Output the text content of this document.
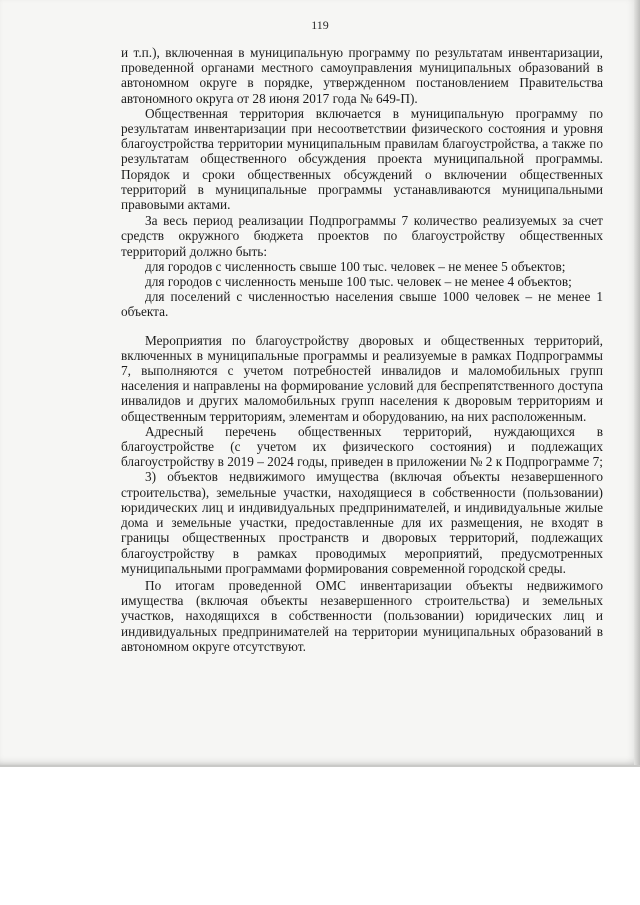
119

и т.п.), включенная в муниципальную программу по результатам инвентаризации, проведенной органами местного самоуправления муниципальных образований в автономном округе в порядке, утвержденном постановлением Правительства автономного округа от 28 июня 2017 года № 649-П).

Общественная территория включается в муниципальную программу по результатам инвентаризации при несоответствии физического состояния и уровня благоустройства территории муниципальным правилам благоустройства, а также по результатам общественного обсуждения проекта муниципальной программы. Порядок и сроки общественных обсуждений о включении общественных территорий в муниципальные программы устанавливаются муниципальными правовыми актами.

За весь период реализации Подпрограммы 7 количество реализуемых за счет средств окружного бюджета проектов по благоустройству общественных территорий должно быть:

для городов с численность свыше 100 тыс. человек – не менее 5 объектов;

для городов с численность меньше 100 тыс. человек – не менее 4 объектов;

для поселений с численностью населения свыше 1000 человек – не менее 1 объекта.

Мероприятия по благоустройству дворовых и общественных территорий, включенных в муниципальные программы и реализуемые в рамках Подпрограммы 7, выполняются с учетом потребностей инвалидов и маломобильных групп населения и направлены на формирование условий для беспрепятственного доступа инвалидов и других маломобильных групп населения к дворовым территориям и общественным территориям, элементам и оборудованию, на них расположенным.

Адресный перечень общественных территорий, нуждающихся в благоустройстве (с учетом их физического состояния) и подлежащих благоустройству в 2019 – 2024 годы, приведен в приложении № 2 к Подпрограмме 7;

3) объектов недвижимого имущества (включая объекты незавершенного строительства), земельные участки, находящиеся в собственности (пользовании) юридических лиц и индивидуальных предпринимателей, и индивидуальные жилые дома и земельные участки, предоставленные для их размещения, не входят в границы общественных пространств и дворовых территорий, подлежащих благоустройству в рамках проводимых мероприятий, предусмотренных муниципальными программами формирования современной городской среды.

По итогам проведенной ОМС инвентаризации объекты недвижимого имущества (включая объекты незавершенного строительства) и земельных участков, находящихся в собственности (пользовании) юридических лиц и индивидуальных предпринимателей на территории муниципальных образований в автономном округе отсутствуют.
